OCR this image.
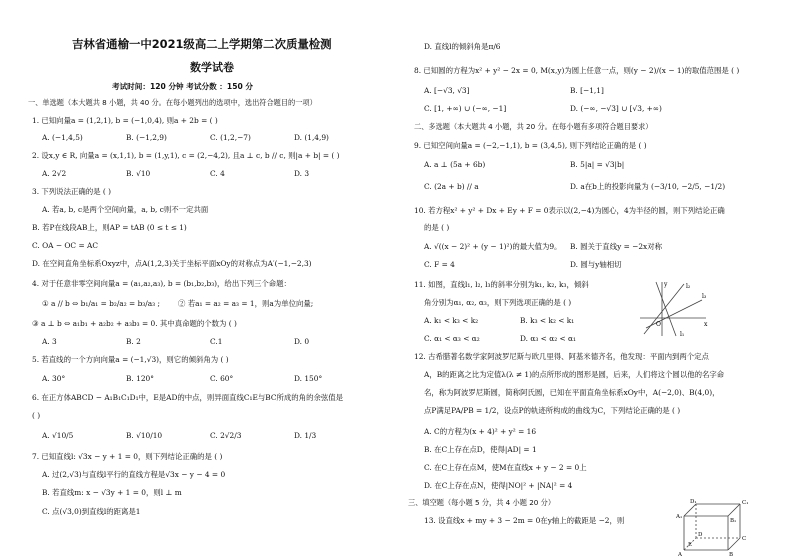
吉林省通榆一中2021级高二上学期第二次质量检测
数学试卷
考试时间：120 分钟 考试分数 ：150 分
一、单选题（本大题共 8 小题，共 40 分。在每小题列出的选项中，选出符合题目的一项）
1. 已知向量a = (1,2,1), b = (−1,0,4), 则a + 2b = ( )
A. (−1,4,5)	B. (−1,2,9)	C. (1,2,−7)	D. (1,4,9)
2. 设x,y ∈ R, 向量a = (x,1,1), b = (1,y,1), c = (2,−4,2), 且a ⊥ c, b // c, 则|a + b| = ( )
A. 2√2	B. √10	C. 4	D. 3
3. 下列说法正确的是 ( )
A. 若a, b, c是两个空间向量，a, b, c则不一定共面
B. 若P在线段AB上，则AP = tAB (0 ≤ t ≤ 1)
C. OA − OC = AC
D. 在空间直角坐标系Oxyz中，点A(1,2,3)关于坐标平面xOy的对称点为A′(−1,−2,3)
4. 对于任意非零空间向量a = (a₁,a₂,a₃), b = (b₁,b₂,b₃)，给出下列三个命题：
① a // b ⇔ b₁/a₁ = b₂/a₂ = b₃/a₃ ; ② 若a₁ = a₂ = a₃ = 1，则a为单位向量;
③ a ⊥ b ⇔ a₁b₁ + a₂b₂ + a₃b₃ = 0. 其中真命题的个数为 ( )
A. 3	B. 2	C.1	D. 0
5. 若直线的一个方向向量a = (−1,√3)，则它的倾斜角为 ( )
A. 30°	B. 120°	C. 60°	D. 150°
6. 在正方体ABCD − A₁B₁C₁D₁中，E是AD的中点，则异面直线C₁E与BC所成的角的余弦值是
( )
A. √10/5	B. √10/10	C. 2√2/3	D. 1/3
7. 已知直线l: √3x − y + 1 = 0，则下列结论正确的是 ( )
A. 过(2,√3)与直线l平行的直线方程是√3x − y − 4 = 0
B. 若直线m: x − √3y + 1 = 0，则l ⊥ m
C. 点(√3,0)到直线l的距离是1
D. 直线l的倾斜角是π/6
8. 已知圆的方程为x² + y² − 2x = 0, M(x,y)为圆上任意一点，则(y − 2)/(x − 1)的取值范围是 ( )
A. [−√3, √3]	B. [−1,1]
C. [1, +∞) ∪ (−∞, −1]	D. (−∞, −√3] ∪ [√3, +∞)
二、多选题（本大题共 4 小题，共 20 分。在每小题有多项符合题目要求）
9. 已知空间向量a = (−2,−1,1), b = (3,4,5), 则下列结论正确的是 ( )
A. a ⊥ (5a + 6b)	B. 5|a| = √3|b|
C. (2a + b) // a	D. a在b上的投影向量为 (−3/10, −2/5, −1/2)
10. 若方程x² + y² + Dx + Ey + F = 0表示以(2,−4)为圆心，4为半径的圆，则下列结论正确
的是 ( )
A. √((x − 2)² + (y − 1)²)的最大值为9。 B. 圆关于直线y = −2x对称
C. F = 4	D. 圆与y轴相切
11. 如图，直线l₁, l₂, l₃的斜率分别为k₁, k₂, k₃，倾斜
角分别为α₁, α₂, α₃，则下列选项正确的是 ( )
A. k₁ < k₃ < k₂	B. k₃ < k₂ < k₁
C. α₁ < α₃ < α₂	D. α₃ < α₂ < α₁
l₂
l₃
l₁
O	x
y
12. 古希腊著名数学家阿波罗尼斯与欧几里得、阿基米德齐名，他发现：平面内到两个定点
A，B的距离之比为定值λ(λ ≠ 1)的点所形成的图形是圆，后来，人们将这个圆以他的名字命
名，称为阿波罗尼斯圆，简称阿氏圆，已知在平面直角坐标系xOy中，A(−2,0)、B(4,0)，
点P满足PA/PB = 1/2，设点P的轨迹所构成的曲线为C，下列结论正确的是 ( )
A. C的方程为(x + 4)² + y² = 16
B. 在C上存在点D，使得|AD| = 1
C. 在C上存在点M，使M在直线x + y − 2 = 0上
D. 在C上存在点N，使得|NO|² + |NA|² = 4
三、填空题（每小题 5 分，共 4 小题 20 分）
13. 设直线x + my + 3 − 2m = 0在y轴上的截距是 −2，则
C₁
D₁
A₁
B₁
A	B
C
D
E
